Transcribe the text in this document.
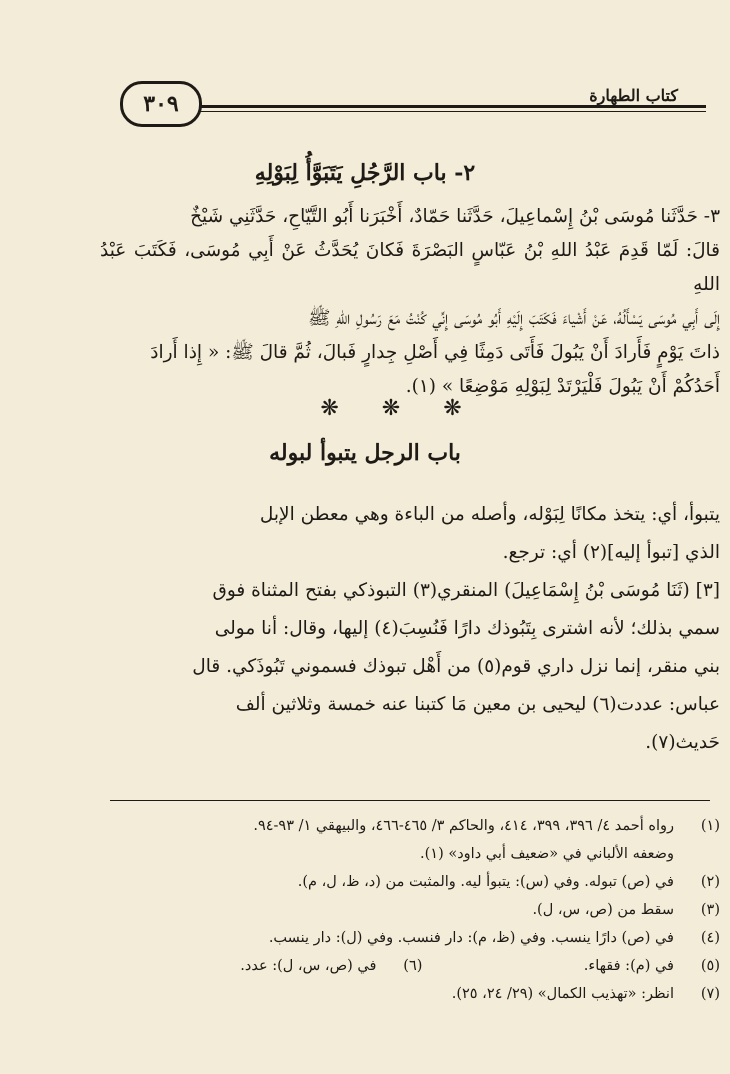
كتاب الطهارة
٣٠٩
٢- باب الرَّجُلِ يَتَبَوَّأُ لِبَوْلِهِ
٣- حَدَّثَنا مُوسَى بْنُ إِسْماعِيلَ، حَدَّثَنا حَمّادٌ، أَخْبَرَنا أَبُو التَّيّاحِ، حَدَّثَنِي شَيْخٌ
قالَ: لَمّا قَدِمَ عَبْدُ اللهِ بْنُ عَبّاسٍ البَصْرَةَ فَكانَ يُحَدَّثُ عَنْ أَبِي مُوسَى، فَكَتَبَ عَبْدُ اللهِ
إِلَى أَبِي مُوسَى يَسْأَلُهُ، عَنْ أَشْياءَ فَكَتَبَ إِلَيْهِ أَبُو مُوسَى إِنِّي كُنْتُ مَعَ رَسُولِ اللهِ ﷺ
ذاتَ يَوْمٍ فَأَرادَ أَنْ يَبُولَ فَأَتَى دَمِثًا فِي أَصْلِ جِدارٍ فَبالَ، ثُمَّ قالَ ﷺ: « إِذا أَرادَ
أَحَدُكُمْ أَنْ يَبُولَ فَلْيَرْتَدْ لِبَوْلِهِ مَوْضِعًا » (١).
❋ ❋ ❋
باب الرجل يتبوأ لبوله

يتبوأ، أي: يتخذ مكانًا لِبَوْله، وأصله من الباءة وهي معطن الإبل

الذي [تبوأ إليه](٢) أي: ترجع.

[٣] (ثَنَا مُوسَى بْنُ إِسْمَاعِيلَ) المنقري(٣) التبوذكي بفتح المثناة فوق

سمي بذلك؛ لأنه اشترى بِتَبُوذك دارًا فَنُسِبَ(٤) إليها، وقال: أنا مولى

بني منقر، إنما نزل داري قوم(٥) من أَهْل تبوذك فسموني تَبُوذَكي. قال

عباس: عددت(٦) ليحيى بن معين مَا كتبنا عنه خمسة وثلاثين ألف

حَديث(٧).

(١)
رواه أحمد ٤/ ٣٩٦، ٣٩٩، ٤١٤، والحاكم ٣/ ٤٦٥-٤٦٦، والبيهقي ١/ ٩٣-٩٤.
وضعفه الألباني في «ضعيف أبي داود» (١).
(٢)
في (ص) تبوله. وفي (س): يتبوأ ليه. والمثبت من (د، ظ، ل، م).
(٣)
سقط من (ص، س، ل).
(٤)
في (ص) دارًا ينسب. وفي (ظ، م): دار فنسب. وفي (ل): دار ينسب.
(٥)
في (م): فقهاء.
(٦)
في (ص، س، ل): عدد.
(٧)
انظر: «تهذيب الكمال» (٢٩/ ٢٤، ٢٥).
